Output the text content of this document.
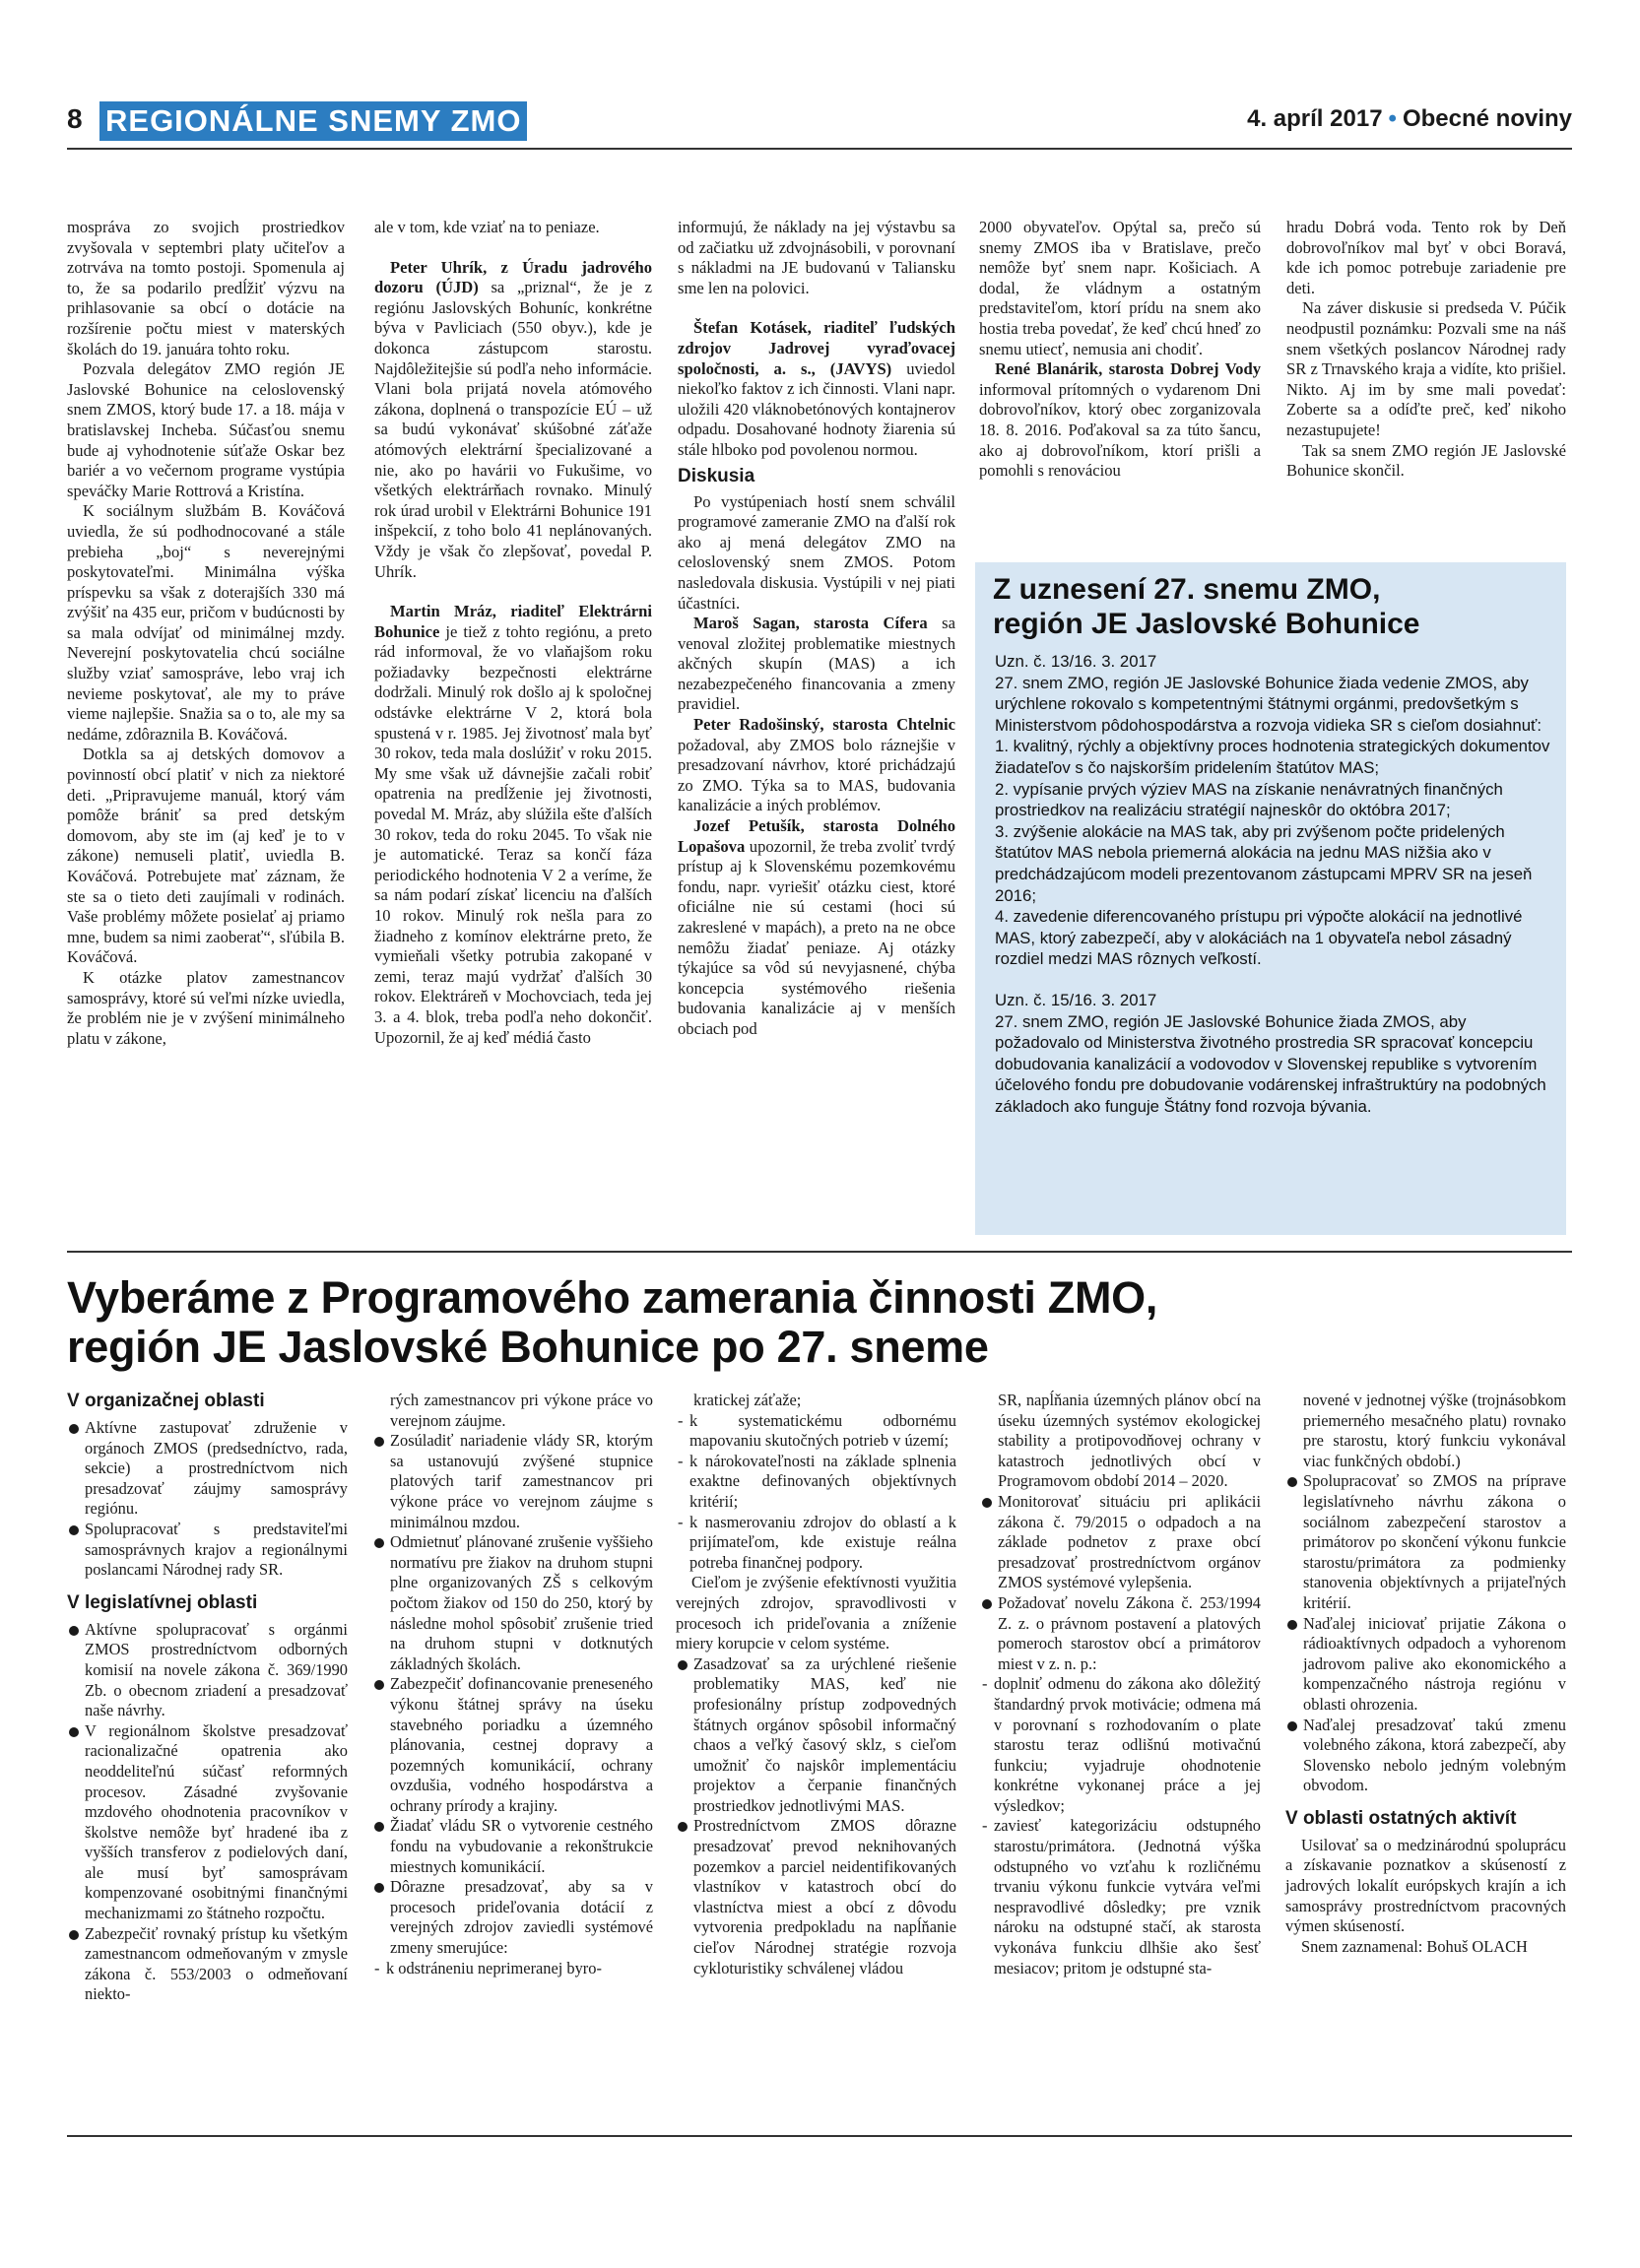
8 REGIONÁLNE SNEMY ZMO	4. apríl 2017 • Obecné noviny

mosprávа zo svojich prostriedkov zvyšovala v septembri platy učiteľov a zotrváva na tomto postoji. Spomenula aj to, že sa podarilo predĺžiť výzvu na prihlasovanie sa obcí o dotácie na rozšírenie počtu miest v materských školách do 19. januára tohto roku.

Pozvala delegátov ZMO región JE Jaslovské Bohunice na celoslovenský snem ZMOS, ktorý bude 17. a 18. mája v bratislavskej Incheba. Súčasťou snemu bude aj vyhodnotenie súťaže Oskar bez bariér a vo večernom programe vystúpia speváčky Marie Rottrová a Kristína.

K sociálnym službám B. Kováčová uviedla, že sú podhodnocované a stále prebieha „boj“ s neverejnými poskytovateľmi. Minimálna výška príspevku sa však z doterajších 330 má zvýšiť na 435 eur, pričom v budúcnosti by sa mala odvíjať od minimálnej mzdy. Neverejní poskytovatelia chcú sociálne služby vziať samospráve, lebo vraj ich nevieme poskytovať, ale my to práve vieme najlepšie. Snažia sa o to, ale my sa nedáme, zdôraznila B. Kováčová.

Dotkla sa aj detských domovov a povinností obcí platiť v nich za niektoré deti. „Pripravujeme manuál, ktorý vám pomôže brániť sa pred detským domovom, aby ste im (aj keď je to v zákone) nemuseli platiť, uviedla B. Kováčová. Potrebujete mať záznam, že ste sa o tieto deti zaujímali v rodinách. Vaše problémy môžete posielať aj priamo mne, budem sa nimi zaoberať“, sľúbila B. Kováčová.

K otázke platov zamestnancov samosprávy, ktoré sú veľmi nízke uviedla, že problém nie je v zvýšení minimálneho platu v zákone,

ale v tom, kde vziať na to peniaze.

Peter Uhrík, z Úradu jadrového dozoru (ÚJD) sa „priznal“, že je z regiónu Jaslovských Bohuníc, konkrétne býva v Pavliciach (550 obyv.), kde je dokonca zástupcom starostu. Najdôležitejšie sú podľa neho informácie. Vlani bola prijatá novela atómového zákona, doplnená o transpozície EÚ – už sa budú vykonávať skúšobné záťaže atómových elektrární špecializované a nie, ako po havárii vo Fukušime, vo všetkých elektrárňach rovnako. Minulý rok úrad urobil v Elektrárni Bohunice 191 inšpekcií, z toho bolo 41 neplánovaných. Vždy je však čo zlepšovať, povedal P. Uhrík.

Martin Mráz, riaditeľ Elektrárni Bohunice je tiež z tohto regiónu, a preto rád informoval, že vo vlaňajšom roku požiadavky bezpečnosti elektrárne dodržali. Minulý rok došlo aj k spoločnej odstávke elektrárne V 2, ktorá bola spustená v r. 1985. Jej životnosť mala byť 30 rokov, teda mala doslúžiť v roku 2015. My sme však už dávnejšie začali robiť opatrenia na predĺženie jej životnosti, povedal M. Mráz, aby slúžila ešte ďalších 30 rokov, teda do roku 2045. To však nie je automatické. Teraz sa končí fáza periodického hodnotenia V 2 a veríme, že sa nám podarí získať licenciu na ďalších 10 rokov. Minulý rok nešla para zo žiadneho z komínov elektrárne preto, že vymieňali všetky potrubia zakopané v zemi, teraz majú vydržať ďalších 30 rokov. Elektráreň v Mochovciach, teda jej 3. a 4. blok, treba podľa neho dokončiť. Upozornil, že aj keď médiá často

informujú, že náklady na jej výstavbu sa od začiatku už zdvojnásobili, v porovnaní s nákladmi na JE budovanú v Taliansku sme len na polovici.

Štefan Kotásek, riaditeľ ľudských zdrojov Jadrovej vyraďovacej spoločnosti, a. s., (JAVYS) uviedol niekoľko faktov z ich činnosti. Vlani napr. uložili 420 vláknobetónových kontajnerov odpadu. Dosahované hodnoty žiarenia sú stále hlboko pod povolenou normou.

Diskusia

Po vystúpeniach hostí snem schválil programové zameranie ZMO na ďalší rok ako aj mená delegátov ZMO na celoslovenský snem ZMOS. Potom nasledovala diskusia. Vystúpili v nej piati účastníci.

Maroš Sagan, starosta Cífera sa venoval zložitej problematike miestnych akčných skupín (MAS) a ich nezabezpečeného financovania a zmeny pravidiel.

Peter Radošinský, starosta Chtelnic požadoval, aby ZMOS bolo ráznejšie v presadzovaní návrhov, ktoré prichádzajú zo ZMO. Týka sa to MAS, budovania kanalizácie a iných problémov.

Jozef Petušík, starosta Dolného Lopašova upozornil, že treba zvoliť tvrdý prístup aj k Slovenskému pozemkovému fondu, napr. vyriešiť otázku ciest, ktoré oficiálne nie sú cestami (hoci sú zakreslené v mapách), a preto na ne obce nemôžu žiadať peniaze. Aj otázky týkajúce sa vôd sú nevyjasnené, chýba koncepcia systémového riešenia budovania kanalizácie aj v menších obciach pod

2000 obyvateľov. Opýtal sa, prečo sú snemy ZMOS iba v Bratislave, prečo nemôže byť snem napr. Košiciach. A dodal, že vládnym a ostatným predstaviteľom, ktorí prídu na snem ako hostia treba povedať, že keď chcú hneď zo snemu utiecť, nemusia ani chodiť.

René Blanárik, starosta Dobrej Vody informoval prítomných o vydarenom Dni dobrovoľníkov, ktorý obec zorganizovala 18. 8. 2016. Poďakoval sa za túto šancu, ako aj dobrovoľníkom, ktorí prišli a pomohli s renováciou

hradu Dobrá voda. Tento rok by Deň dobrovoľníkov mal byť v obci Boravá, kde ich pomoc potrebuje zariadenie pre deti.

Na záver diskusie si predseda V. Púčik neodpustil poznámku: Pozvali sme na náš snem všetkých poslancov Národnej rady SR z Trnavského kraja a vidíte, kto prišiel. Nikto. Aj im by sme mali povedať: Zoberte sa a odíďte preč, keď nikoho nezastupujete!

Tak sa snem ZMO región JE Jaslovské Bohunice skončil.

Z uznesení 27. snemu ZMO,
región JE Jaslovské Bohunice

Uzn. č. 13/16. 3. 2017

27. snem ZMO, región JE Jaslovské Bohunice žiada vedenie ZMOS, aby urýchlene rokovalo s kompetentnými štátnymi orgánmi, predovšetkým s Ministerstvom pôdohospodárstva a rozvoja vidieka SR s cieľom dosiahnuť:

1. kvalitný, rýchly a objektívny proces hodnotenia strategických dokumentov žiadateľov s čo najskorším pridelením štatútov MAS;

2. vypísanie prvých výziev MAS na získanie nenávratných finančných prostriedkov na realizáciu stratégií najneskôr do októbra 2017;

3. zvýšenie alokácie na MAS tak, aby pri zvýšenom počte pridelených štatútov MAS nebola priemerná alokácia na jednu MAS nižšia ako v predchádzajúcom modeli prezentovanom zástupcami MPRV SR na jeseň 2016;

4. zavedenie diferencovaného prístupu pri výpočte alokácií na jednotlivé MAS, ktorý zabezpečí, aby v alokáciách na 1 obyvateľa nebol zásadný rozdiel medzi MAS rôznych veľkostí.

Uzn. č. 15/16. 3. 2017

27. snem ZMO, región JE Jaslovské Bohunice žiada ZMOS, aby požadovalo od Ministerstva životného prostredia SR spracovať koncepciu dobudovania kanalizácií a vodovodov v Slovenskej republike s vytvorením účelového fondu pre dobudovanie vodárenskej infraštruktúry na podobných základoch ako funguje Štátny fond rozvoja bývania.

Vyberáme z Programového zamerania činnosti ZMO,
región JE Jaslovské Bohunice po 27. sneme
V organizačnej oblasti

Aktívne zastupovať združenie v orgánoch ZMOS (predsedníctvo, rada, sekcie) a prostredníctvom nich presadzovať záujmy samosprávy regiónu.

Spolupracovať s predstaviteľmi samosprávnych krajov a regionálnymi poslancami Národnej rady SR.

V legislatívnej oblasti

Aktívne spolupracovať s orgánmi ZMOS prostredníctvom odborných komisií na novele zákona č. 369/1990 Zb. o obecnom zriadení a presadzovať naše návrhy.

V regionálnom školstve presadzovať racionalizačné opatrenia ako neoddeliteľnú súčasť reformných procesov. Zásadné zvyšovanie mzdového ohodnotenia pracovníkov v školstve nemôže byť hradené iba z vyšších transferov z podielových daní, ale musí byť samosprávam kompenzované osobitnými finančnými mechanizmami zo štátneho rozpočtu.

Zabezpečiť rovnaký prístup ku všetkým zamestnancom odmeňovaným v zmysle zákona č. 553/2003 o odmeňovaní niekto-

rých zamestnancov pri výkone práce vo verejnom záujme.

Zosúladiť nariadenie vlády SR, ktorým sa ustanovujú zvýšené stupnice platových tarif zamestnancov pri výkone práce vo verejnom záujme s minimálnou mzdou.

Odmietnuť plánované zrušenie vyššieho normatívu pre žiakov na druhom stupni plne organizovaných ZŠ s celkovým počtom žiakov od 150 do 250, ktorý by následne mohol spôsobiť zrušenie tried na druhom stupni v dotknutých základných školách.

Zabezpečiť dofinancovanie preneseného výkonu štátnej správy na úseku stavebného poriadku a územného plánovania, cestnej dopravy a pozemných komunikácií, ochrany ovzdušia, vodného hospodárstva a ochrany prírody a krajiny.

Žiadať vládu SR o vytvorenie cestného fondu na vybudovanie a rekonštrukcie miestnych komunikácií.

Dôrazne presadzovať, aby sa v procesoch prideľovania dotácií z verejných zdrojov zaviedli systémové zmeny smerujúce:

- k odstráneniu neprimeranej byro-

kratickej záťaže;

- k systematickému odbornému mapovaniu skutočných potrieb v území;

- k nárokovateľnosti na základe splnenia exaktne definovaných objektívnych kritérií;

- k nasmerovaniu zdrojov do oblastí a k prijímateľom, kde existuje reálna potreba finančnej podpory.

Cieľom je zvýšenie efektívnosti využitia verejných zdrojov, spravodlivosti v procesoch ich prideľovania a zníženie miery korupcie v celom systéme.

Zasadzovať sa za urýchlené riešenie problematiky MAS, keď nie profesionálny prístup zodpovedných štátnych orgánov spôsobil informačný chaos a veľký časový sklz, s cieľom umožniť čo najskôr implementáciu projektov a čerpanie finančných prostriedkov jednotlivými MAS.

Prostredníctvom ZMOS dôrazne presadzovať prevod neknihovaných pozemkov a parciel neidentifikovaných vlastníkov v katastroch obcí do vlastníctva miest a obcí z dôvodu vytvorenia predpokladu na napĺňanie cieľov Národnej stratégie rozvoja cykloturistiky schválenej vládou

SR, napĺňania územných plánov obcí na úseku územných systémov ekologickej stability a protipovodňovej ochrany v katastroch jednotlivých obcí v Programovom období 2014 – 2020.

Monitorovať situáciu pri aplikácii zákona č. 79/2015 o odpadoch a na základe podnetov z praxe obcí presadzovať prostredníctvom orgánov ZMOS systémové vylepšenia.

Požadovať novelu Zákona č. 253/1994 Z. z. o právnom postavení a platových pomeroch starostov obcí a primátorov miest v z. n. p.:

- doplniť odmenu do zákona ako dôležitý štandardný prvok motivácie; odmena má v porovnaní s rozhodovaním o plate starostu teraz odlišnú motivačnú funkciu; vyjadruje ohodnotenie konkrétne vykonanej práce a jej výsledkov;

- zaviesť kategorizáciu odstupného starostu/primátora. (Jednotná výška odstupného vo vzťahu k rozličnému trvaniu výkonu funkcie vytvára veľmi nespravodlivé dôsledky; pre vznik nároku na odstupné stačí, ak starosta vykonáva funkciu dlhšie ako šesť mesiacov; pritom je odstupné sta-

novené v jednotnej výške (trojnásobkom priemerného mesačného platu) rovnako pre starostu, ktorý funkciu vykonával viac funkčných období.)

Spolupracovať so ZMOS na príprave legislatívneho návrhu zákona o sociálnom zabezpečení starostov a primátorov po skončení výkonu funkcie starostu/primátora za podmienky stanovenia objektívnych a prijateľných kritérií.

Naďalej iniciovať prijatie Zákona o rádioaktívnych odpadoch a vyhorenom jadrovom palive ako ekonomického a kompenzačného nástroja regiónu v oblasti ohrozenia.

Naďalej presadzovať takú zmenu volebného zákona, ktorá zabezpečí, aby Slovensko nebolo jedným volebným obvodom.

V oblasti ostatných aktivít

Usilovať sa o medzinárodnú spoluprácu a získavanie poznatkov a skúseností z jadrových lokalít európskych krajín a ich samosprávy prostredníctvom pracovných výmen skúseností.

Snem zaznamenal: Bohuš OLACH
